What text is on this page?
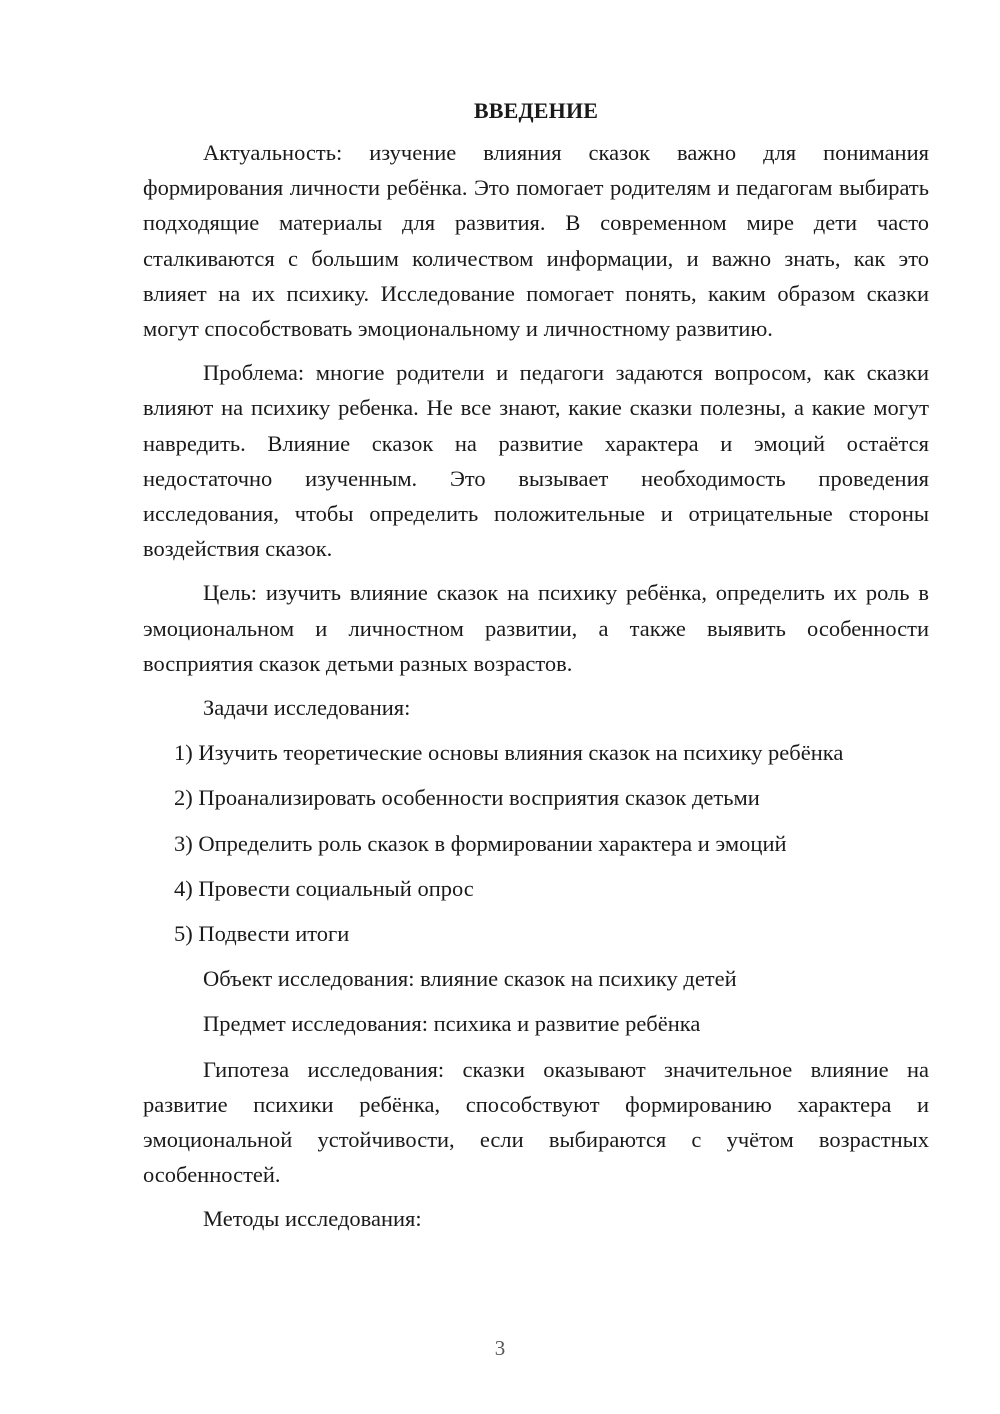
ВВЕДЕНИЕ

Актуальность: изучение влияния сказок важно для понимания формирования личности ребёнка. Это помогает родителям и педагогам выбирать подходящие материалы для развития. В современном мире дети часто сталкиваются с большим количеством информации, и важно знать, как это влияет на их психику. Исследование помогает понять, каким образом сказки могут способствовать эмоциональному и личностному развитию.

Проблема: многие родители и педагоги задаются вопросом, как сказки влияют на психику ребенка. Не все знают, какие сказки полезны, а какие могут навредить. Влияние сказок на развитие характера и эмоций остаётся недостаточно изученным. Это вызывает необходимость проведения исследования, чтобы определить положительные и отрицательные стороны воздействия сказок.

Цель: изучить влияние сказок на психику ребёнка, определить их роль в эмоциональном и личностном развитии, а также выявить особенности восприятия сказок детьми разных возрастов.

Задачи исследования:

1) Изучить теоретические основы влияния сказок на психику ребёнка
2) Проанализировать особенности восприятия сказок детьми
3) Определить роль сказок в формировании характера и эмоций
4) Провести социальный опрос
5) Подвести итоги

Объект исследования: влияние сказок на психику детей

Предмет исследования: психика и развитие ребёнка

Гипотеза исследования: сказки оказывают значительное влияние на развитие психики ребёнка, способствуют формированию характера и эмоциональной устойчивости, если выбираются с учётом возрастных особенностей.

Методы исследования:

3
